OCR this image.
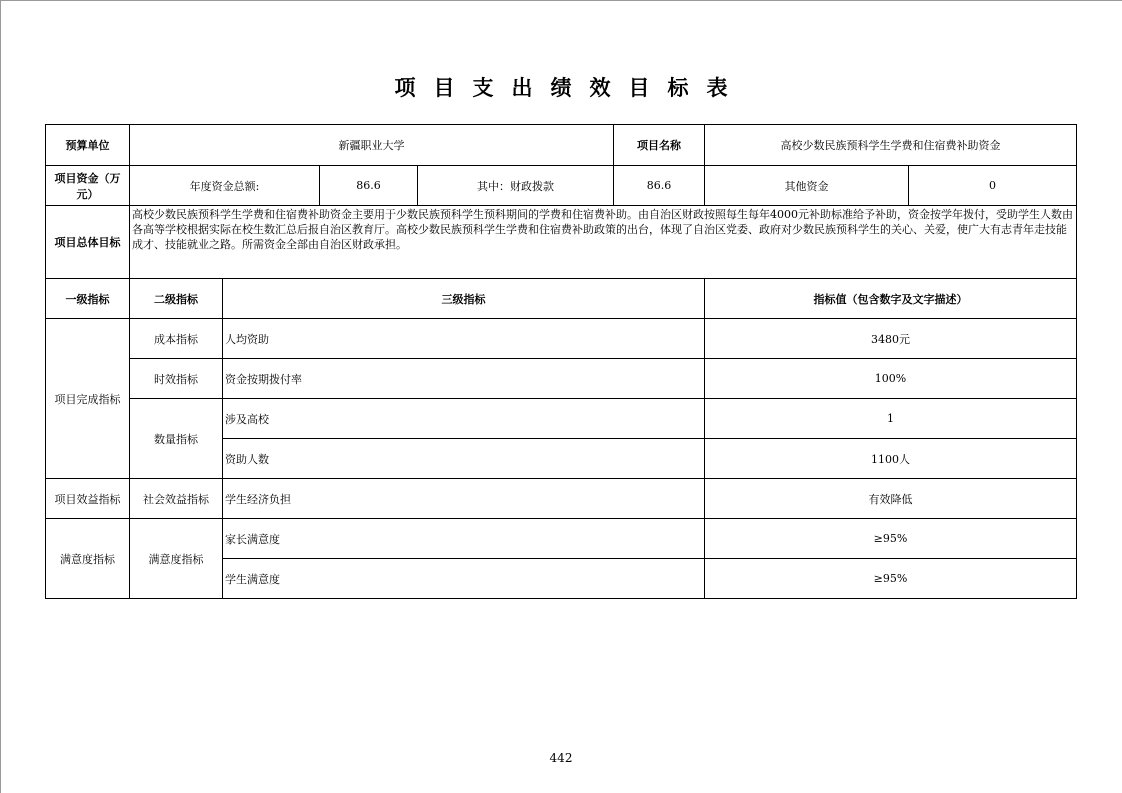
项目支出绩效目标表
预算单位	新疆职业大学				项目名称	高校少数民族预科学生学费和住宿费补助资金	
项目资金（万元）	年度资金总额:		86.6	其中：财政拨款	86.6	其他资金	0
项目总体目标	高校少数民族预科学生学费和住宿费补助资金主要用于少数民族预科学生预科期间的学费和住宿费补助。由自治区财政按照每生每年4000元补助标准给予补助，资金按学年拨付，受助学生人数由各高等学校根据实际在校生数汇总后报自治区教育厅。高校少数民族预科学生学费和住宿费补助政策的出台，体现了自治区党委、政府对少数民族预科学生的关心、关爱，使广大有志青年走技能成才、技能就业之路。所需资金全部由自治区财政承担。						
一级指标	二级指标	三级指标				指标值（包含数字及文字描述）	
项目完成指标	成本指标	人均资助				3480元	
	时效指标	资金按期拨付率				100%	
	数量指标	涉及高校				1	
		资助人数				1100人	
项目效益指标	社会效益指标	学生经济负担				有效降低	
满意度指标	满意度指标	家长满意度				≥95%	
		学生满意度				≥95%	
442
